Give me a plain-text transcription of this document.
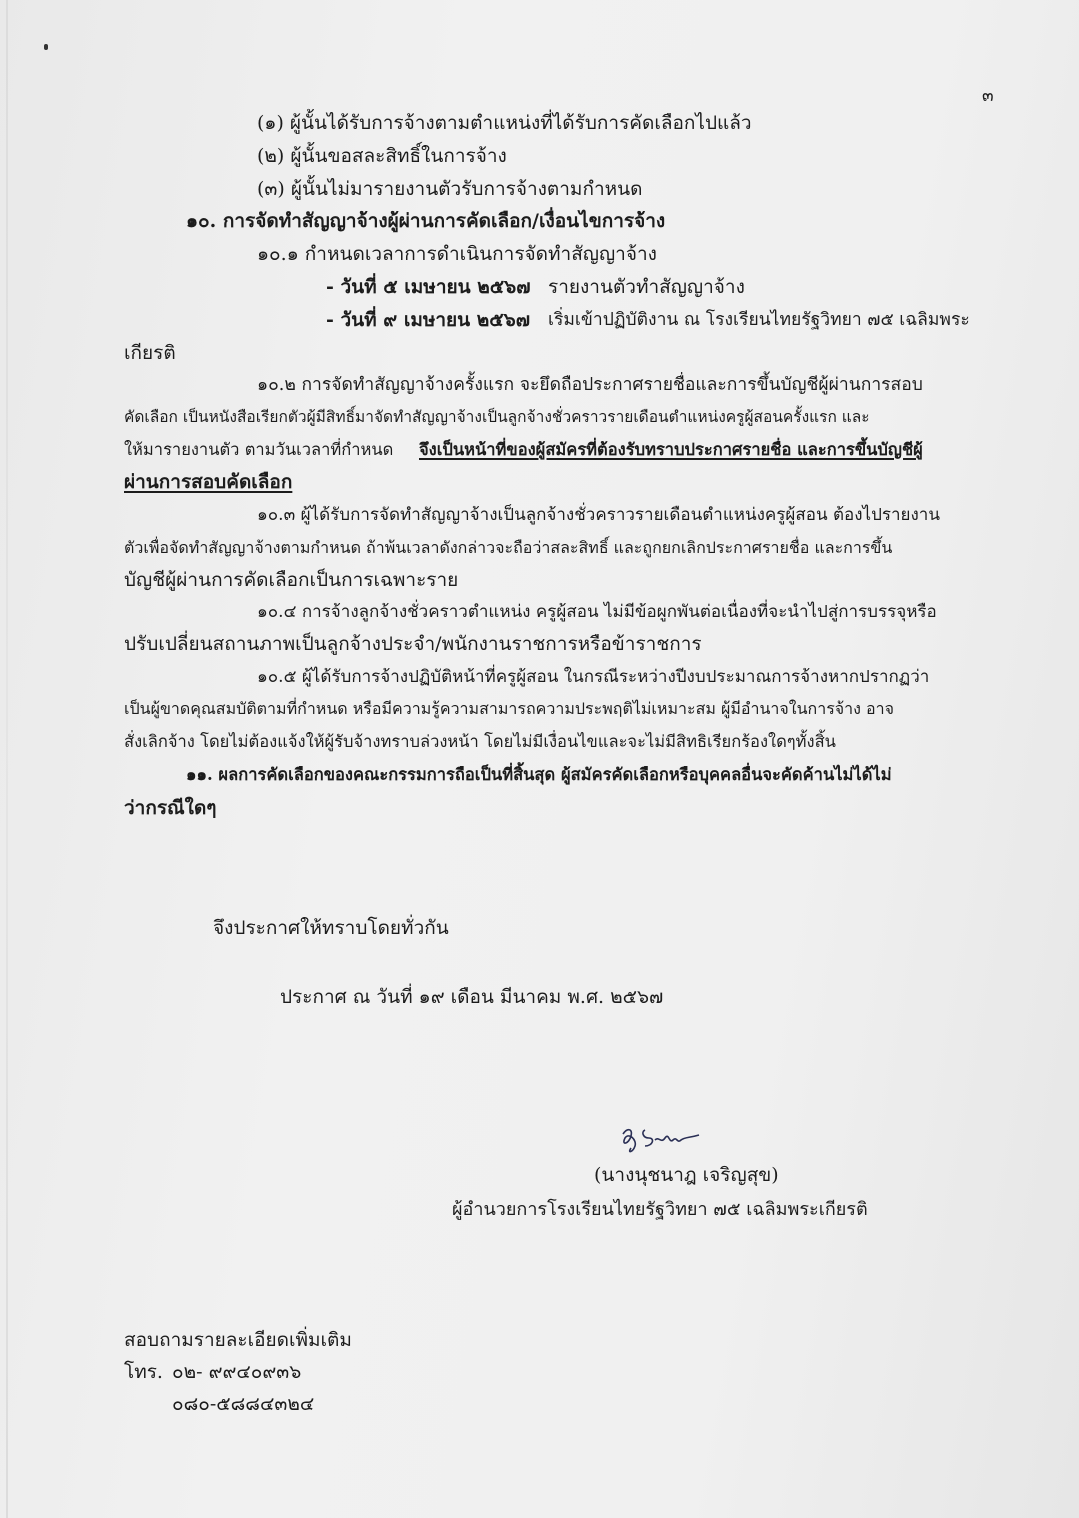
๓
(๑) ผู้นั้นได้รับการจ้างตามตำแหน่งที่ได้รับการคัดเลือกไปแล้ว
(๒) ผู้นั้นขอสละสิทธิ์ในการจ้าง
(๓) ผู้นั้นไม่มารายงานตัวรับการจ้างตามกำหนด
๑๐. การจัดทำสัญญาจ้างผู้ผ่านการคัดเลือก/เงื่อนไขการจ้าง
๑๐.๑ กำหนดเวลาการดำเนินการจัดทำสัญญาจ้าง
- วันที่ ๕ เมษายน ๒๕๖๗ รายงานตัวทำสัญญาจ้าง
- วันที่ ๙ เมษายน ๒๕๖๗ เริ่มเข้าปฏิบัติงาน ณ โรงเรียนไทยรัฐวิทยา ๗๕ เฉลิมพระ
เกียรติ
๑๐.๒ การจัดทำสัญญาจ้างครั้งแรก จะยึดถือประกาศรายชื่อและการขึ้นบัญชีผู้ผ่านการสอบ
คัดเลือก เป็นหนังสือเรียกตัวผู้มีสิทธิ์มาจัดทำสัญญาจ้างเป็นลูกจ้างชั่วคราวรายเดือนตำแหน่งครูผู้สอนครั้งแรก และ
ให้มารายงานตัว ตามวันเวลาที่กำหนด จึงเป็นหน้าที่ของผู้สมัครที่ต้องรับทราบประกาศรายชื่อ และการขึ้นบัญชีผู้
ผ่านการสอบคัดเลือก
๑๐.๓ ผู้ได้รับการจัดทำสัญญาจ้างเป็นลูกจ้างชั่วคราวรายเดือนตำแหน่งครูผู้สอน ต้องไปรายงาน
ตัวเพื่อจัดทำสัญญาจ้างตามกำหนด ถ้าพ้นเวลาดังกล่าวจะถือว่าสละสิทธิ์ และถูกยกเลิกประกาศรายชื่อ และการขึ้น
บัญชีผู้ผ่านการคัดเลือกเป็นการเฉพาะราย
๑๐.๔ การจ้างลูกจ้างชั่วคราวตำแหน่ง ครูผู้สอน ไม่มีข้อผูกพันต่อเนื่องที่จะนำไปสู่การบรรจุหรือ
ปรับเปลี่ยนสถานภาพเป็นลูกจ้างประจำ/พนักงานราชการหรือข้าราชการ
๑๐.๕ ผู้ได้รับการจ้างปฏิบัติหน้าที่ครูผู้สอน ในกรณีระหว่างปีงบประมาณการจ้างหากปรากฏว่า
เป็นผู้ขาดคุณสมบัติตามที่กำหนด หรือมีความรู้ความสามารถความประพฤติไม่เหมาะสม ผู้มีอำนาจในการจ้าง อาจ
สั่งเลิกจ้าง โดยไม่ต้องแจ้งให้ผู้รับจ้างทราบล่วงหน้า โดยไม่มีเงื่อนไขและจะไม่มีสิทธิเรียกร้องใดๆทั้งสิ้น
๑๑. ผลการคัดเลือกของคณะกรรมการถือเป็นที่สิ้นสุด ผู้สมัครคัดเลือกหรือบุคคลอื่นจะคัดค้านไม่ได้ไม่
ว่ากรณีใดๆ
จึงประกาศให้ทราบโดยทั่วกัน
ประกาศ ณ วันที่ ๑๙ เดือน มีนาคม พ.ศ. ๒๕๖๗
(นางนุชนาฎ เจริญสุข)
ผู้อำนวยการโรงเรียนไทยรัฐวิทยา ๗๕ เฉลิมพระเกียรติ
สอบถามรายละเอียดเพิ่มเติม
โทร. ๐๒- ๙๙๔๐๙๓๖
๐๘๐-๕๘๘๔๓๒๔
